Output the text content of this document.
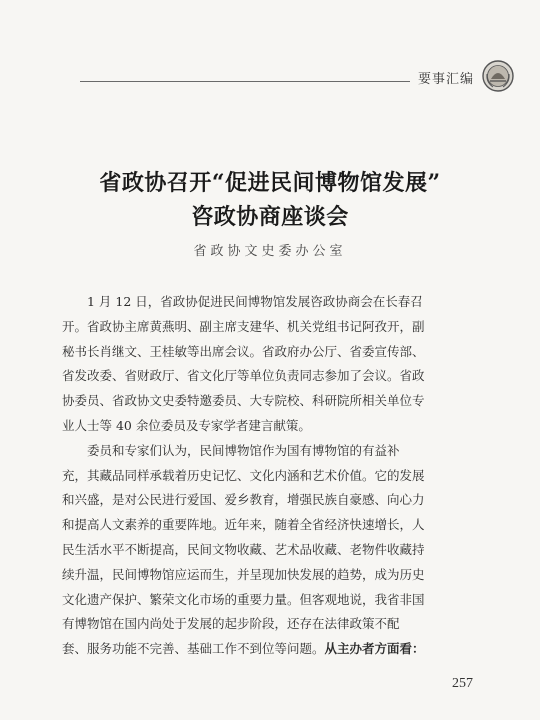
要事汇编
省政协召开“促进民间博物馆发展”
咨政协商座谈会
省政协文史委办公室
　　1 月 12 日，省政协促进民间博物馆发展咨政协商会在长春召
开。省政协主席黄燕明、副主席支建华、机关党组书记阿孜开，副
秘书长肖继文、王桂敏等出席会议。省政府办公厅、省委宣传部、
省发改委、省财政厅、省文化厅等单位负责同志参加了会议。省政
协委员、省政协文史委特邀委员、大专院校、科研院所相关单位专
业人士等 40 余位委员及专家学者建言献策。
　　委员和专家们认为，民间博物馆作为国有博物馆的有益补
充，其藏品同样承载着历史记忆、文化内涵和艺术价值。它的发展
和兴盛，是对公民进行爱国、爱乡教育，增强民族自豪感、向心力
和提高人文素养的重要阵地。近年来，随着全省经济快速增长，人
民生活水平不断提高，民间文物收藏、艺术品收藏、老物件收藏持
续升温，民间博物馆应运而生，并呈现加快发展的趋势，成为历史
文化遗产保护、繁荣文化市场的重要力量。但客观地说，我省非国
有博物馆在国内尚处于发展的起步阶段，还存在法律政策不配
套、服务功能不完善、基础工作不到位等问题。从主办者方面看：
257
